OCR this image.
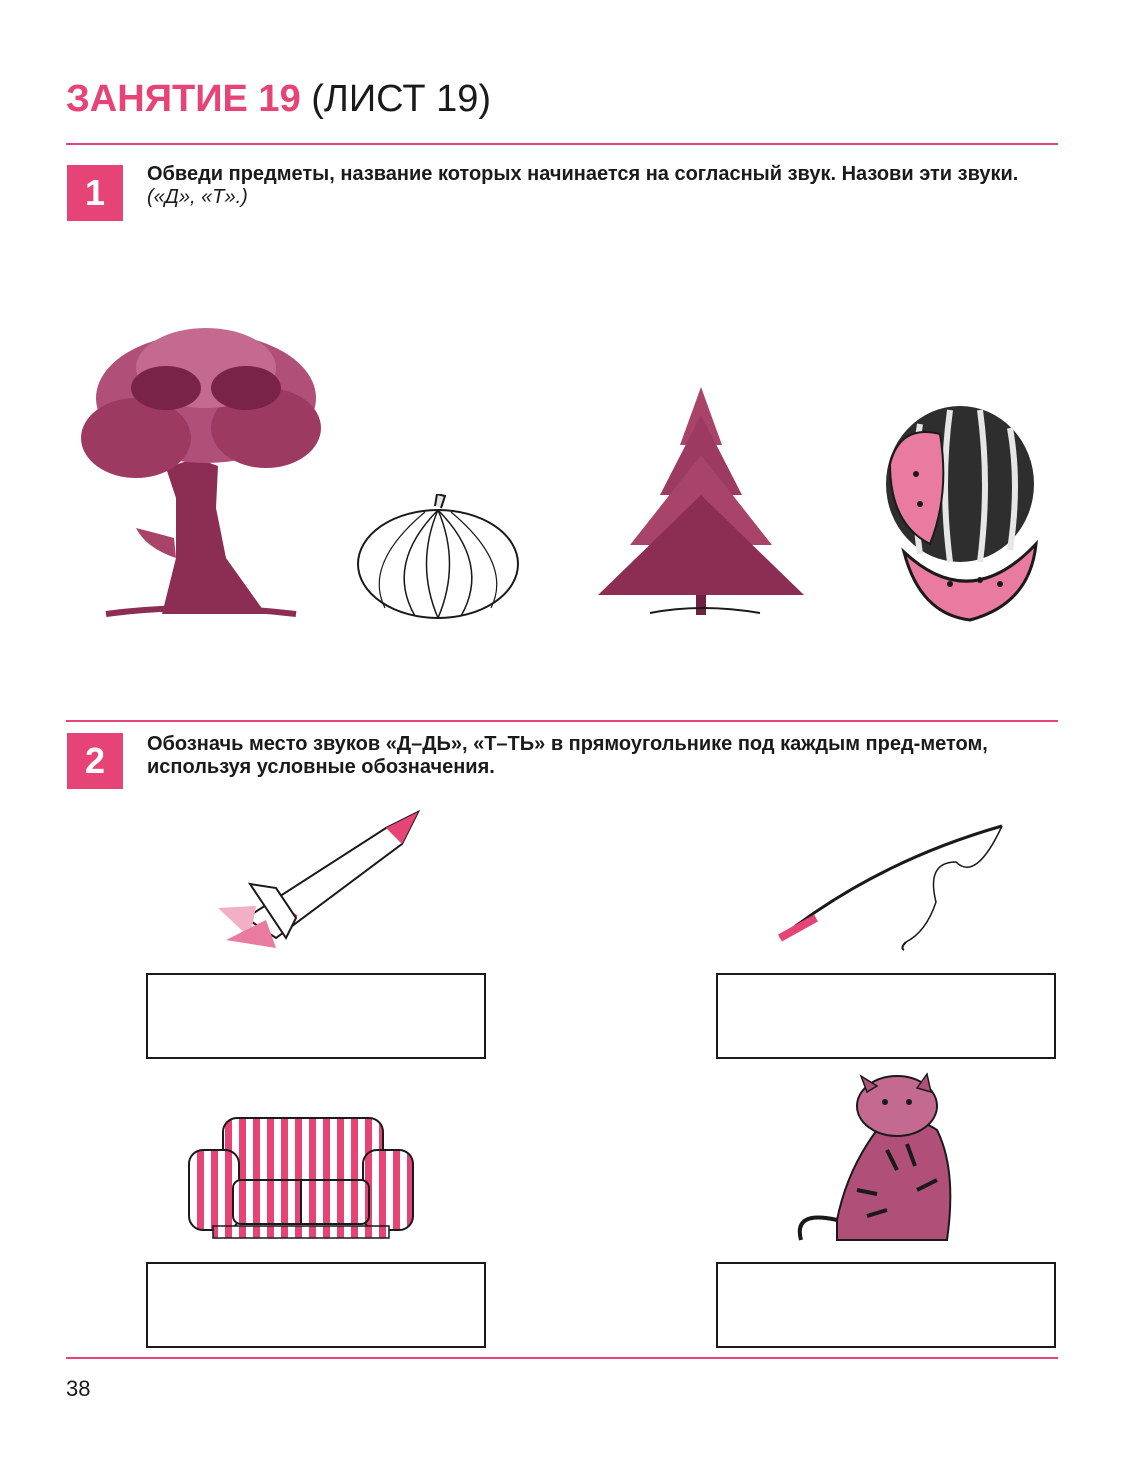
ЗАНЯТИЕ 19 (ЛИСТ 19)
1	Обведи предметы, название которых начинается на согласный звук. Назови эти звуки. («Д», «Т».)
2	Обозначь место звуков «Д–ДЬ», «Т–ТЬ» в прямоугольнике под каждым пред-метом, используя условные обозначения.
38
